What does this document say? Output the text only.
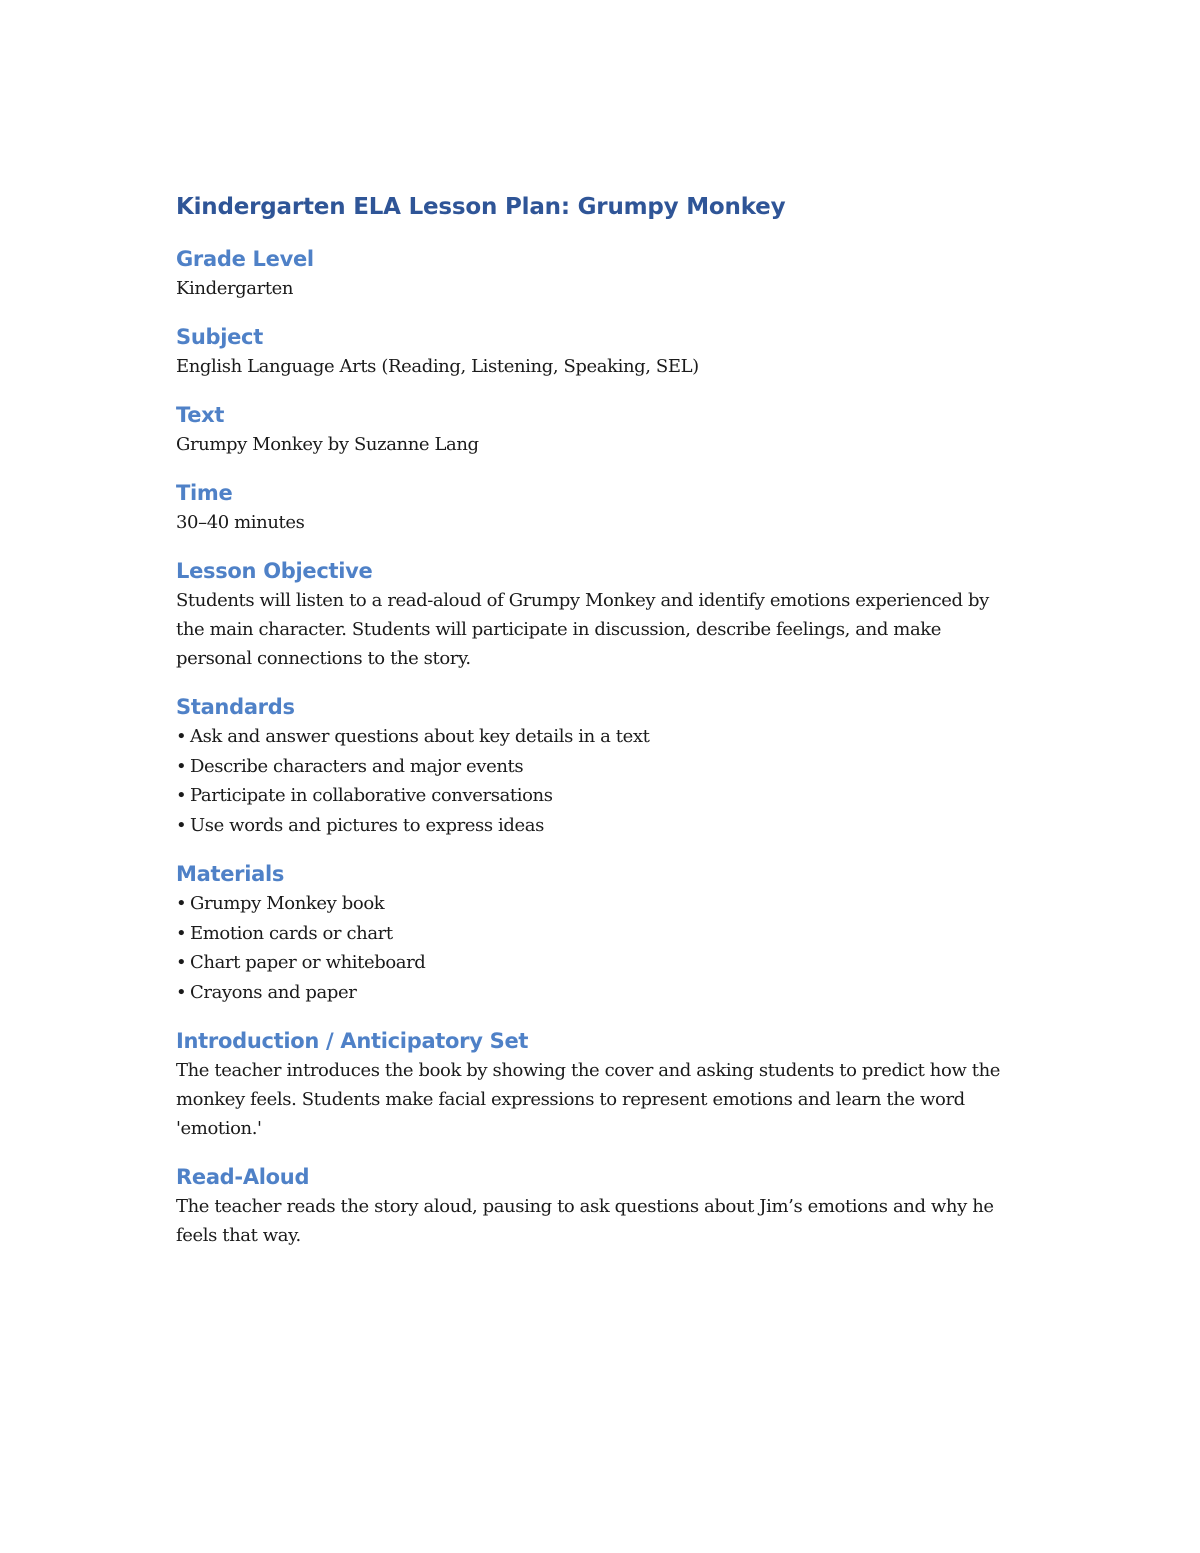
Kindergarten ELA Lesson Plan: Grumpy Monkey
Grade Level

Kindergarten

Subject

English Language Arts (Reading, Listening, Speaking, SEL)

Text

Grumpy Monkey by Suzanne Lang

Time

30–40 minutes

Lesson Objective

Students will listen to a read-aloud of Grumpy Monkey and identify emotions experienced by the main character. Students will participate in discussion, describe feelings, and make personal connections to the story.

Standards
• Ask and answer questions about key details in a text
• Describe characters and major events
• Participate in collaborative conversations
• Use words and pictures to express ideas
Materials
• Grumpy Monkey book
• Emotion cards or chart
• Chart paper or whiteboard
• Crayons and paper
Introduction / Anticipatory Set

The teacher introduces the book by showing the cover and asking students to predict how the monkey feels. Students make facial expressions to represent emotions and learn the word 'emotion.'

Read-Aloud

The teacher reads the story aloud, pausing to ask questions about Jim’s emotions and why he feels that way.
